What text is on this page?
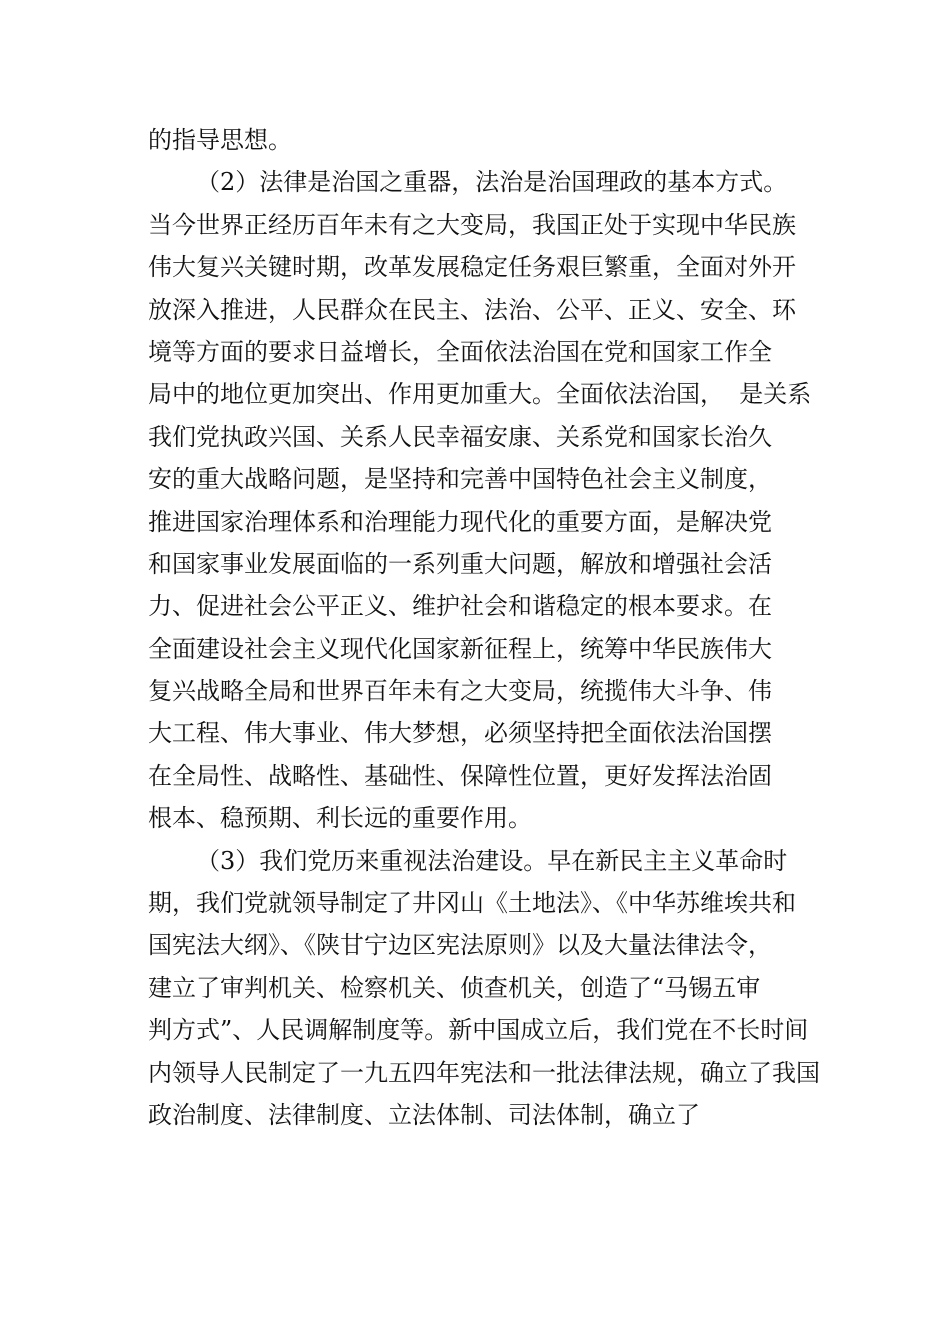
的指导思想。
（2）法律是治国之重器，法治是治国理政的基本方式。
当今世界正经历百年未有之大变局，我国正处于实现中华民族
伟大复兴关键时期，改革发展稳定任务艰巨繁重，全面对外开
放深入推进，人民群众在民主、法治、公平、正义、安全、环
境等方面的要求日益增长，全面依法治国在党和国家工作全
局中的地位更加突出、作用更加重大。全面依法治国，  是关系
我们党执政兴国、关系人民幸福安康、关系党和国家长治久
安的重大战略问题，是坚持和完善中国特色社会主义制度，
推进国家治理体系和治理能力现代化的重要方面，是解决党
和国家事业发展面临的一系列重大问题，解放和增强社会活
力、促进社会公平正义、维护社会和谐稳定的根本要求。在
全面建设社会主义现代化国家新征程上，统筹中华民族伟大
复兴战略全局和世界百年未有之大变局，统揽伟大斗争、伟
大工程、伟大事业、伟大梦想，必须坚持把全面依法治国摆
在全局性、战略性、基础性、保障性位置，更好发挥法治固
根本、稳预期、利长远的重要作用。
（3）我们党历来重视法治建设。早在新民主主义革命时
期，我们党就领导制定了井冈山《土地法》、《中华苏维埃共和
国宪法大纲》、《陕甘宁边区宪法原则》以及大量法律法令，
建立了审判机关、检察机关、侦查机关，创造了“马锡五审
判方式”、人民调解制度等。新中国成立后，我们党在不长时间
内领导人民制定了一九五四年宪法和一批法律法规，确立了我国
政治制度、法律制度、立法体制、司法体制，确立了
